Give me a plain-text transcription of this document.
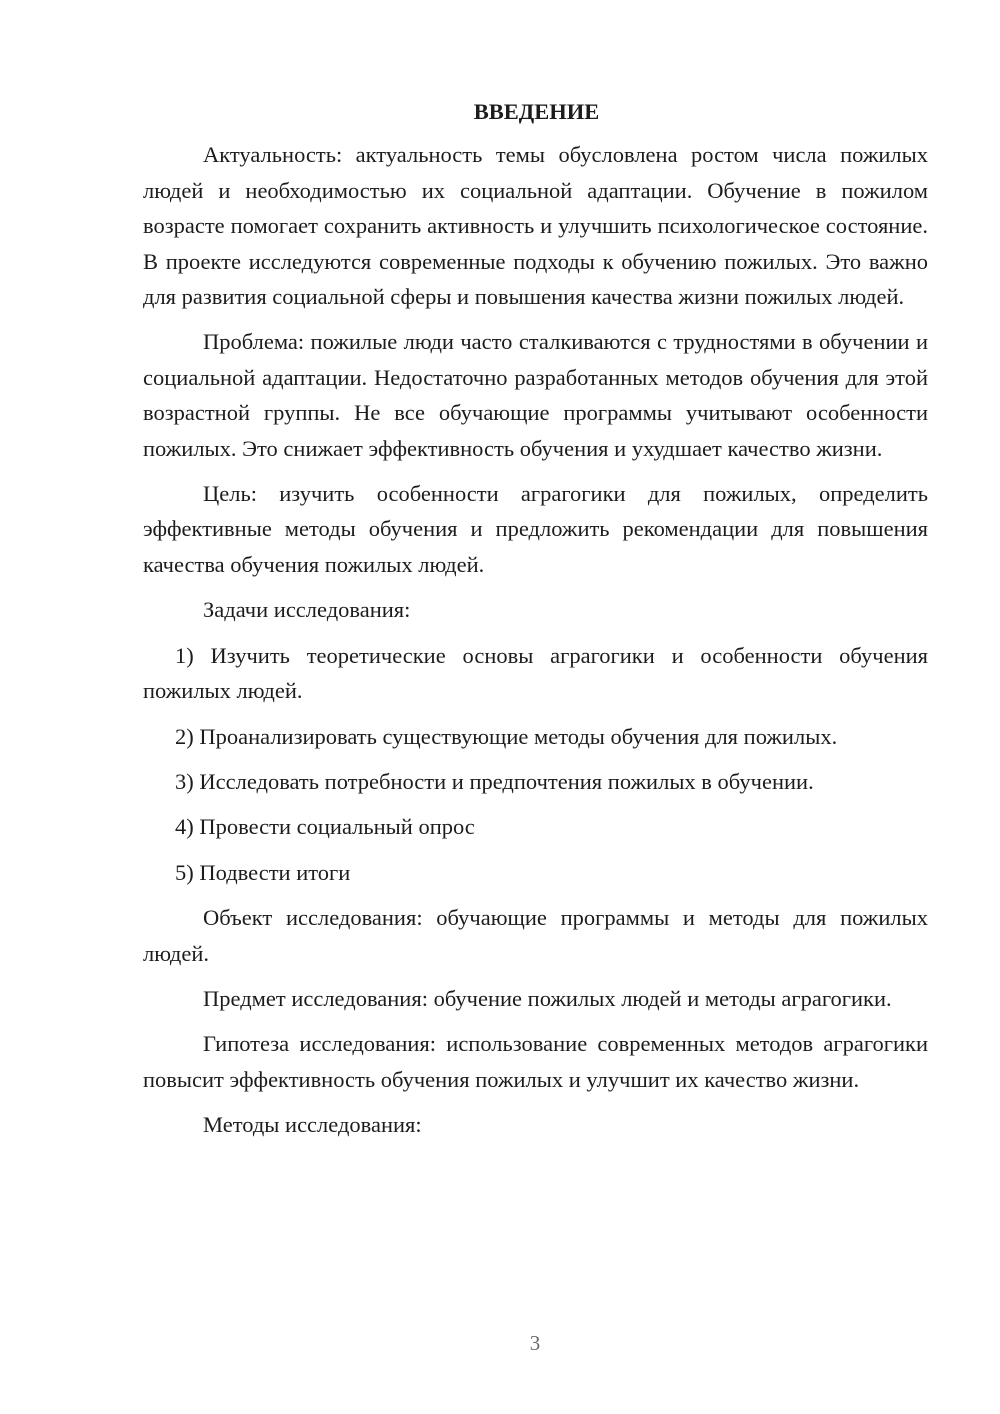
ВВЕДЕНИЕ

Актуальность: актуальность темы обусловлена ростом числа пожилых людей и необходимостью их социальной адаптации. Обучение в пожилом возрасте помогает сохранить активность и улучшить психологическое состояние. В проекте исследуются современные подходы к обучению пожилых. Это важно для развития социальной сферы и повышения качества жизни пожилых людей.

Проблема: пожилые люди часто сталкиваются с трудностями в обучении и социальной адаптации. Недостаточно разработанных методов обучения для этой возрастной группы. Не все обучающие программы учитывают особенности пожилых. Это снижает эффективность обучения и ухудшает качество жизни.

Цель: изучить особенности аграгогики для пожилых, определить эффективные методы обучения и предложить рекомендации для повышения качества обучения пожилых людей.

Задачи исследования:

1) Изучить теоретические основы аграгогики и особенности обучения пожилых людей.

2) Проанализировать существующие методы обучения для пожилых.

3) Исследовать потребности и предпочтения пожилых в обучении.

4) Провести социальный опрос

5) Подвести итоги

Объект исследования: обучающие программы и методы для пожилых людей.

Предмет исследования: обучение пожилых людей и методы аграгогики.

Гипотеза исследования: использование современных методов аграгогики повысит эффективность обучения пожилых и улучшит их качество жизни.

Методы исследования:

3
